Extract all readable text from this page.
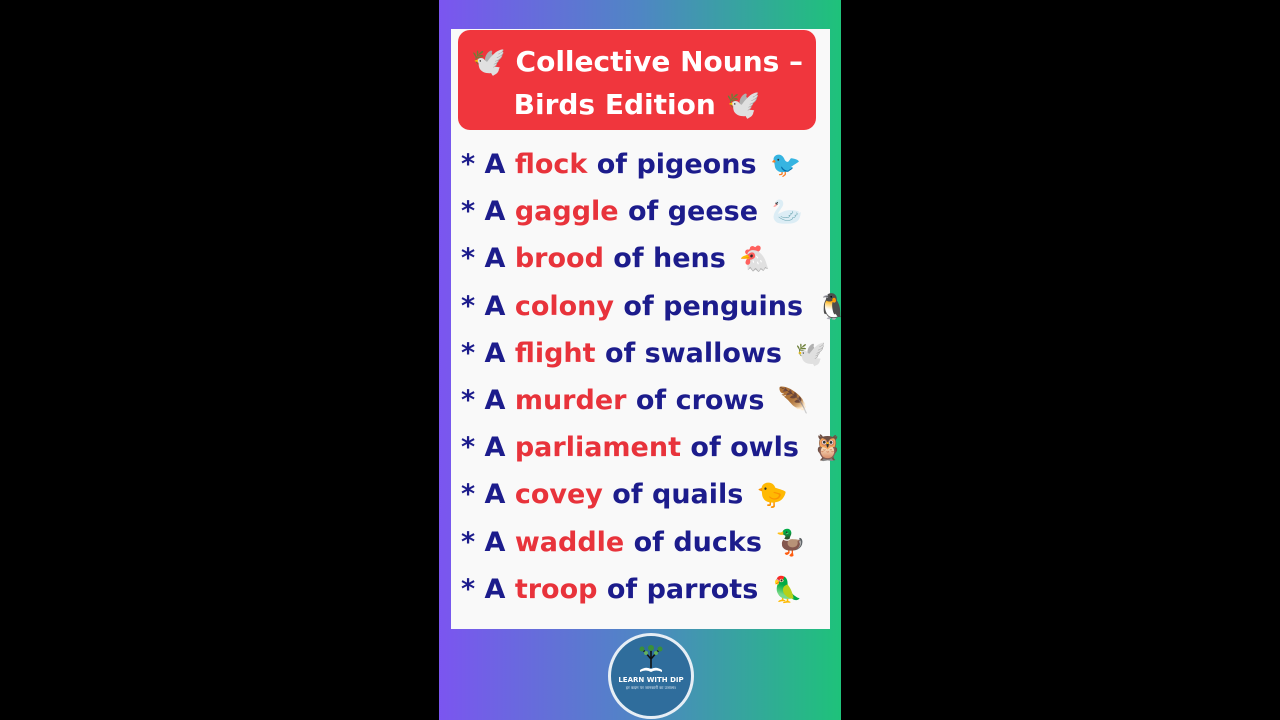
🕊️ Collective Nouns –
Birds Edition 🕊️
* A flock of pigeons 🐦
* A gaggle of geese 🦢
* A brood of hens 🐔
* A colony of penguins 🐧
* A flight of swallows 🕊️
* A murder of crows 🪶
* A parliament of owls 🦉
* A covey of quails 🐤
* A waddle of ducks 🦆
* A troop of parrots 🦜
LEARN WITH DIP
हर कदम पर जानकारी का उजाला।
